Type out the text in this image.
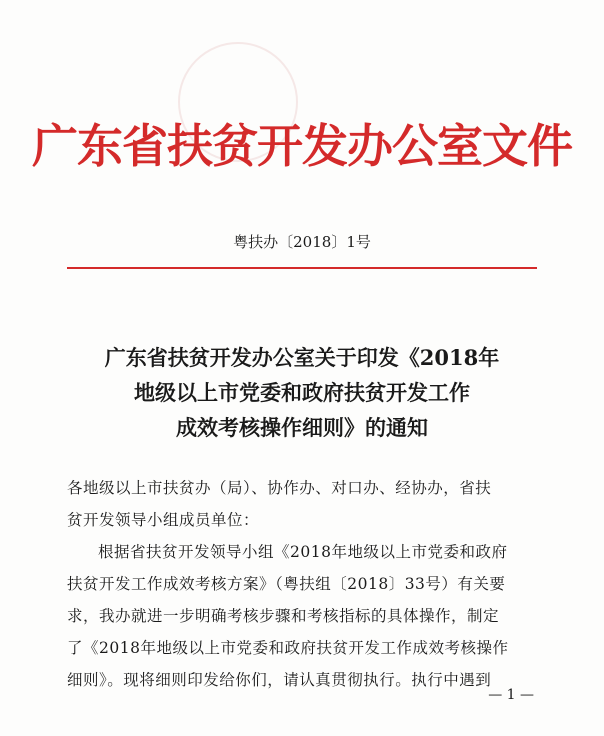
广东省扶贫开发办公室文件
粤扶办〔2018〕1号
广东省扶贫开发办公室关于印发《2018年
地级以上市党委和政府扶贫开发工作
成效考核操作细则》的通知
各地级以上市扶贫办（局）、协作办、对口办、经协办，省扶
贫开发领导小组成员单位：
根据省扶贫开发领导小组《2018年地级以上市党委和政府
扶贫开发工作成效考核方案》（粤扶组〔2018〕33号）有关要
求，我办就进一步明确考核步骤和考核指标的具体操作，制定
了《2018年地级以上市党委和政府扶贫开发工作成效考核操作
细则》。现将细则印发给你们，请认真贯彻执行。执行中遇到
— 1 —
